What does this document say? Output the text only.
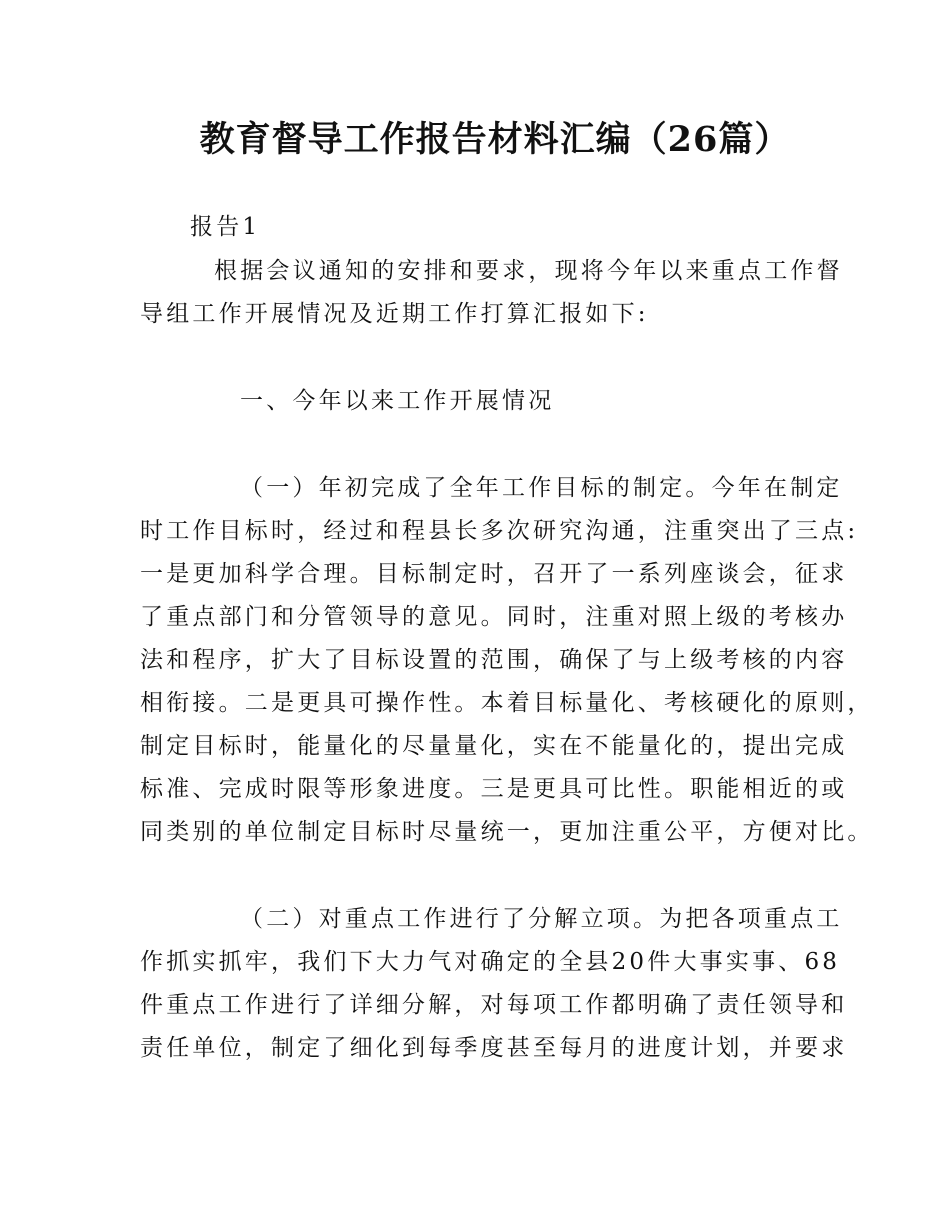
教育督导工作报告材料汇编（26篇）
报告1
根据会议通知的安排和要求，现将今年以来重点工作督
导组工作开展情况及近期工作打算汇报如下:
一、今年以来工作开展情况
（一）年初完成了全年工作目标的制定。今年在制定
时工作目标时，经过和程县长多次研究沟通，注重突出了三点:
一是更加科学合理。目标制定时，召开了一系列座谈会，征求
了重点部门和分管领导的意见。同时，注重对照上级的考核办
法和程序，扩大了目标设置的范围，确保了与上级考核的内容
相衔接。二是更具可操作性。本着目标量化、考核硬化的原则，
制定目标时，能量化的尽量量化，实在不能量化的，提出完成
标准、完成时限等形象进度。三是更具可比性。职能相近的或
同类别的单位制定目标时尽量统一，更加注重公平，方便对比。
（二）对重点工作进行了分解立项。为把各项重点工
作抓实抓牢，我们下大力气对确定的全县20件大事实事、68
件重点工作进行了详细分解，对每项工作都明确了责任领导和
责任单位，制定了细化到每季度甚至每月的进度计划，并要求
